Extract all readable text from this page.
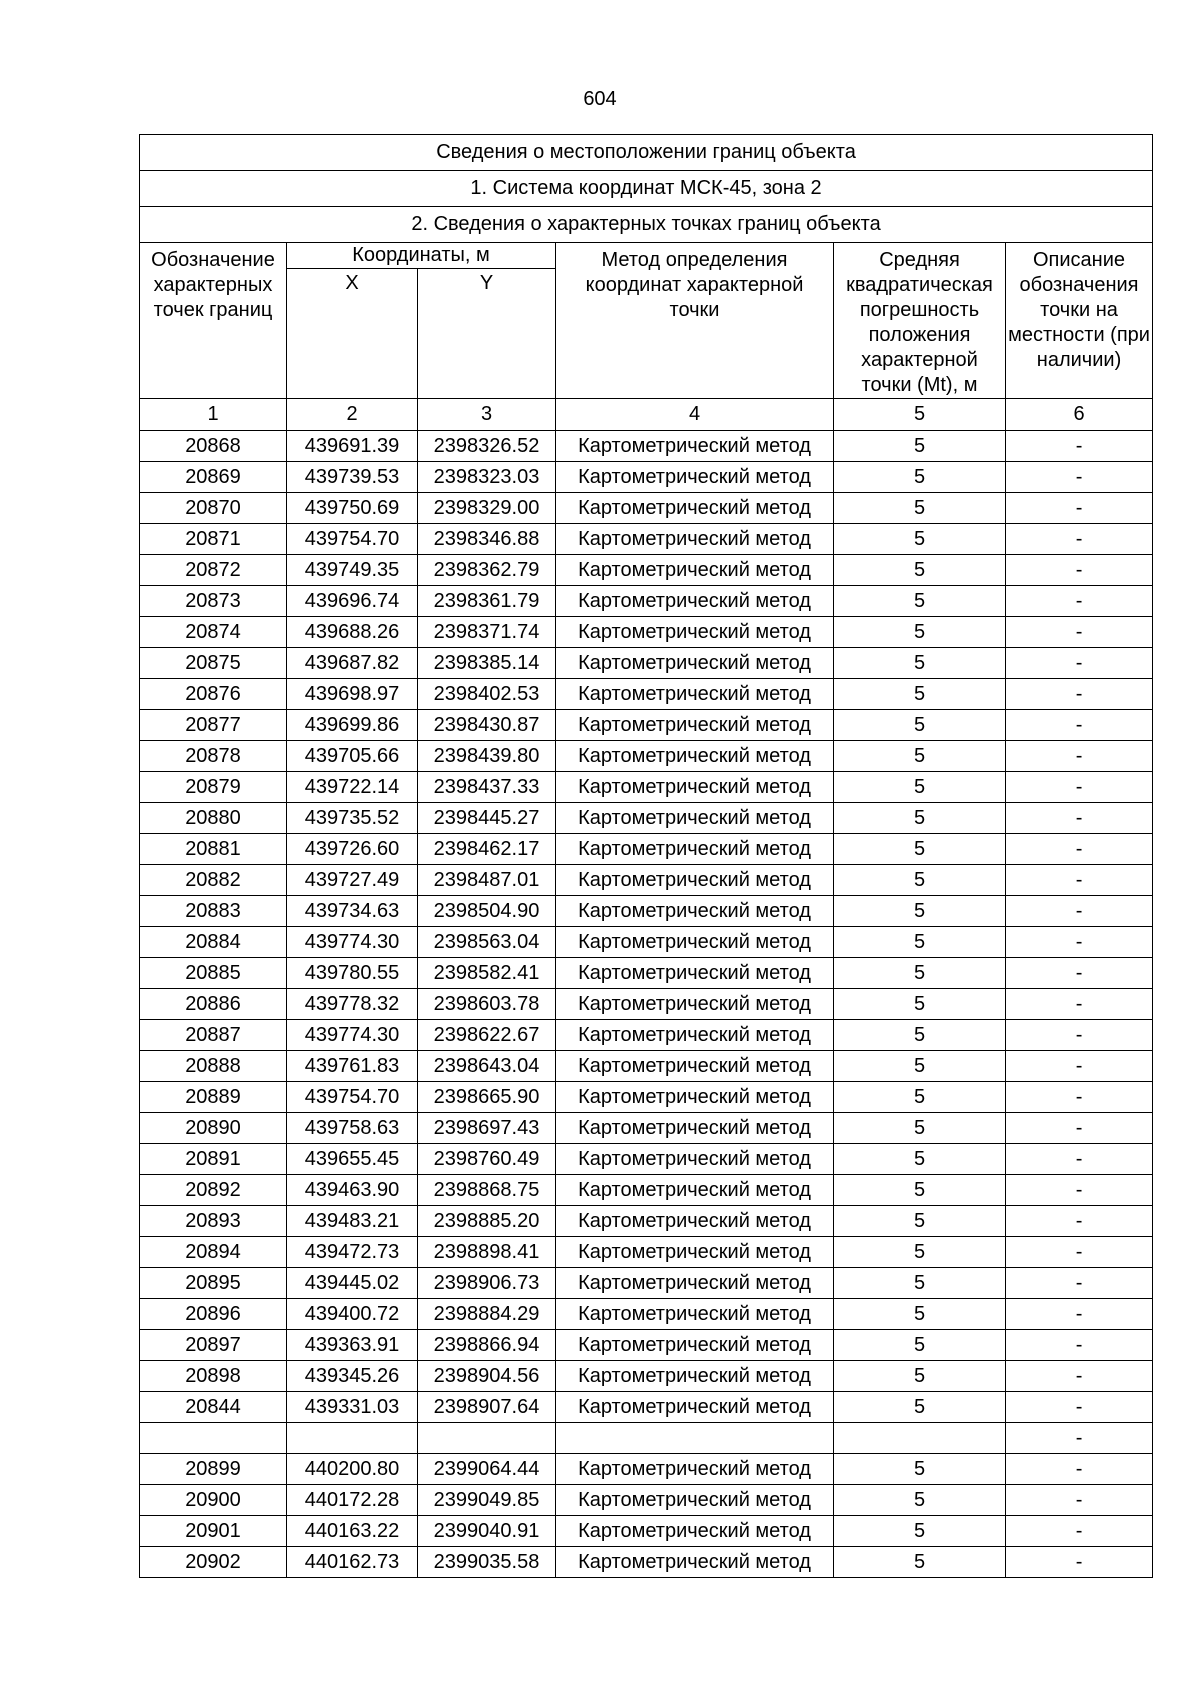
604
Сведения о местоположении границ объекта					
1. Система координат МСК-45, зона 2					
2. Сведения о характерных точках границ объекта					
Обозначение характерных точек границ	Координаты, м		Метод определения координат характерной точки	Средняя квадратическая погрешность положения характерной точки (Mt), м	Описание обозначения точки на местности (при наличии)
	X	Y			
1	2	3	4	5	6
20868	439691.39	2398326.52	Картометрический метод	5	-
20869	439739.53	2398323.03	Картометрический метод	5	-
20870	439750.69	2398329.00	Картометрический метод	5	-
20871	439754.70	2398346.88	Картометрический метод	5	-
20872	439749.35	2398362.79	Картометрический метод	5	-
20873	439696.74	2398361.79	Картометрический метод	5	-
20874	439688.26	2398371.74	Картометрический метод	5	-
20875	439687.82	2398385.14	Картометрический метод	5	-
20876	439698.97	2398402.53	Картометрический метод	5	-
20877	439699.86	2398430.87	Картометрический метод	5	-
20878	439705.66	2398439.80	Картометрический метод	5	-
20879	439722.14	2398437.33	Картометрический метод	5	-
20880	439735.52	2398445.27	Картометрический метод	5	-
20881	439726.60	2398462.17	Картометрический метод	5	-
20882	439727.49	2398487.01	Картометрический метод	5	-
20883	439734.63	2398504.90	Картометрический метод	5	-
20884	439774.30	2398563.04	Картометрический метод	5	-
20885	439780.55	2398582.41	Картометрический метод	5	-
20886	439778.32	2398603.78	Картометрический метод	5	-
20887	439774.30	2398622.67	Картометрический метод	5	-
20888	439761.83	2398643.04	Картометрический метод	5	-
20889	439754.70	2398665.90	Картометрический метод	5	-
20890	439758.63	2398697.43	Картометрический метод	5	-
20891	439655.45	2398760.49	Картометрический метод	5	-
20892	439463.90	2398868.75	Картометрический метод	5	-
20893	439483.21	2398885.20	Картометрический метод	5	-
20894	439472.73	2398898.41	Картометрический метод	5	-
20895	439445.02	2398906.73	Картометрический метод	5	-
20896	439400.72	2398884.29	Картометрический метод	5	-
20897	439363.91	2398866.94	Картометрический метод	5	-
20898	439345.26	2398904.56	Картометрический метод	5	-
20844	439331.03	2398907.64	Картометрический метод	5	-
					-
20899	440200.80	2399064.44	Картометрический метод	5	-
20900	440172.28	2399049.85	Картометрический метод	5	-
20901	440163.22	2399040.91	Картометрический метод	5	-
20902	440162.73	2399035.58	Картометрический метод	5	-
